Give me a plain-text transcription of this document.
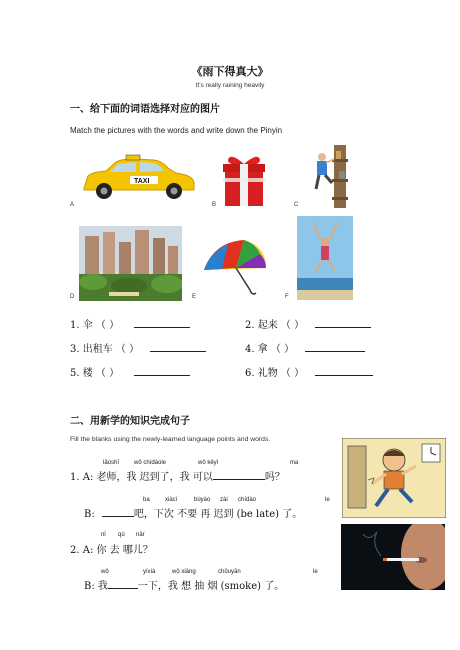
《雨下得真大》
It's really raining heavily
一、给下面的词语选择对应的图片
Match the pictures with the words and write down the Pinyin
TAXI
A	B	C
D	E	F
1. 伞 （ ）	2. 起来 （ ）
3. 出租车 （ ）	4. 拿 （ ）
5. 楼 （ ）	6. 礼物 （ ）
二、用新学的知识完成句子
Fill the blanks using the newly-learned language points and words.
lǎoshī wǒ chídàole	wǒ kěyǐ	ma
1. A: 老师，我 迟到了，我 可以	吗？
ba	xiàcì	bùyào zài chídào	le
B:	吧，下次 不要 再 迟到 (be late) 了。
nǐ qù nǎr
2. A: 你 去 哪儿？
wǒ	yíxià	wǒ xiǎng	chōuyān	le
B: 我	一下，我 想 抽 烟 (smoke) 了。
